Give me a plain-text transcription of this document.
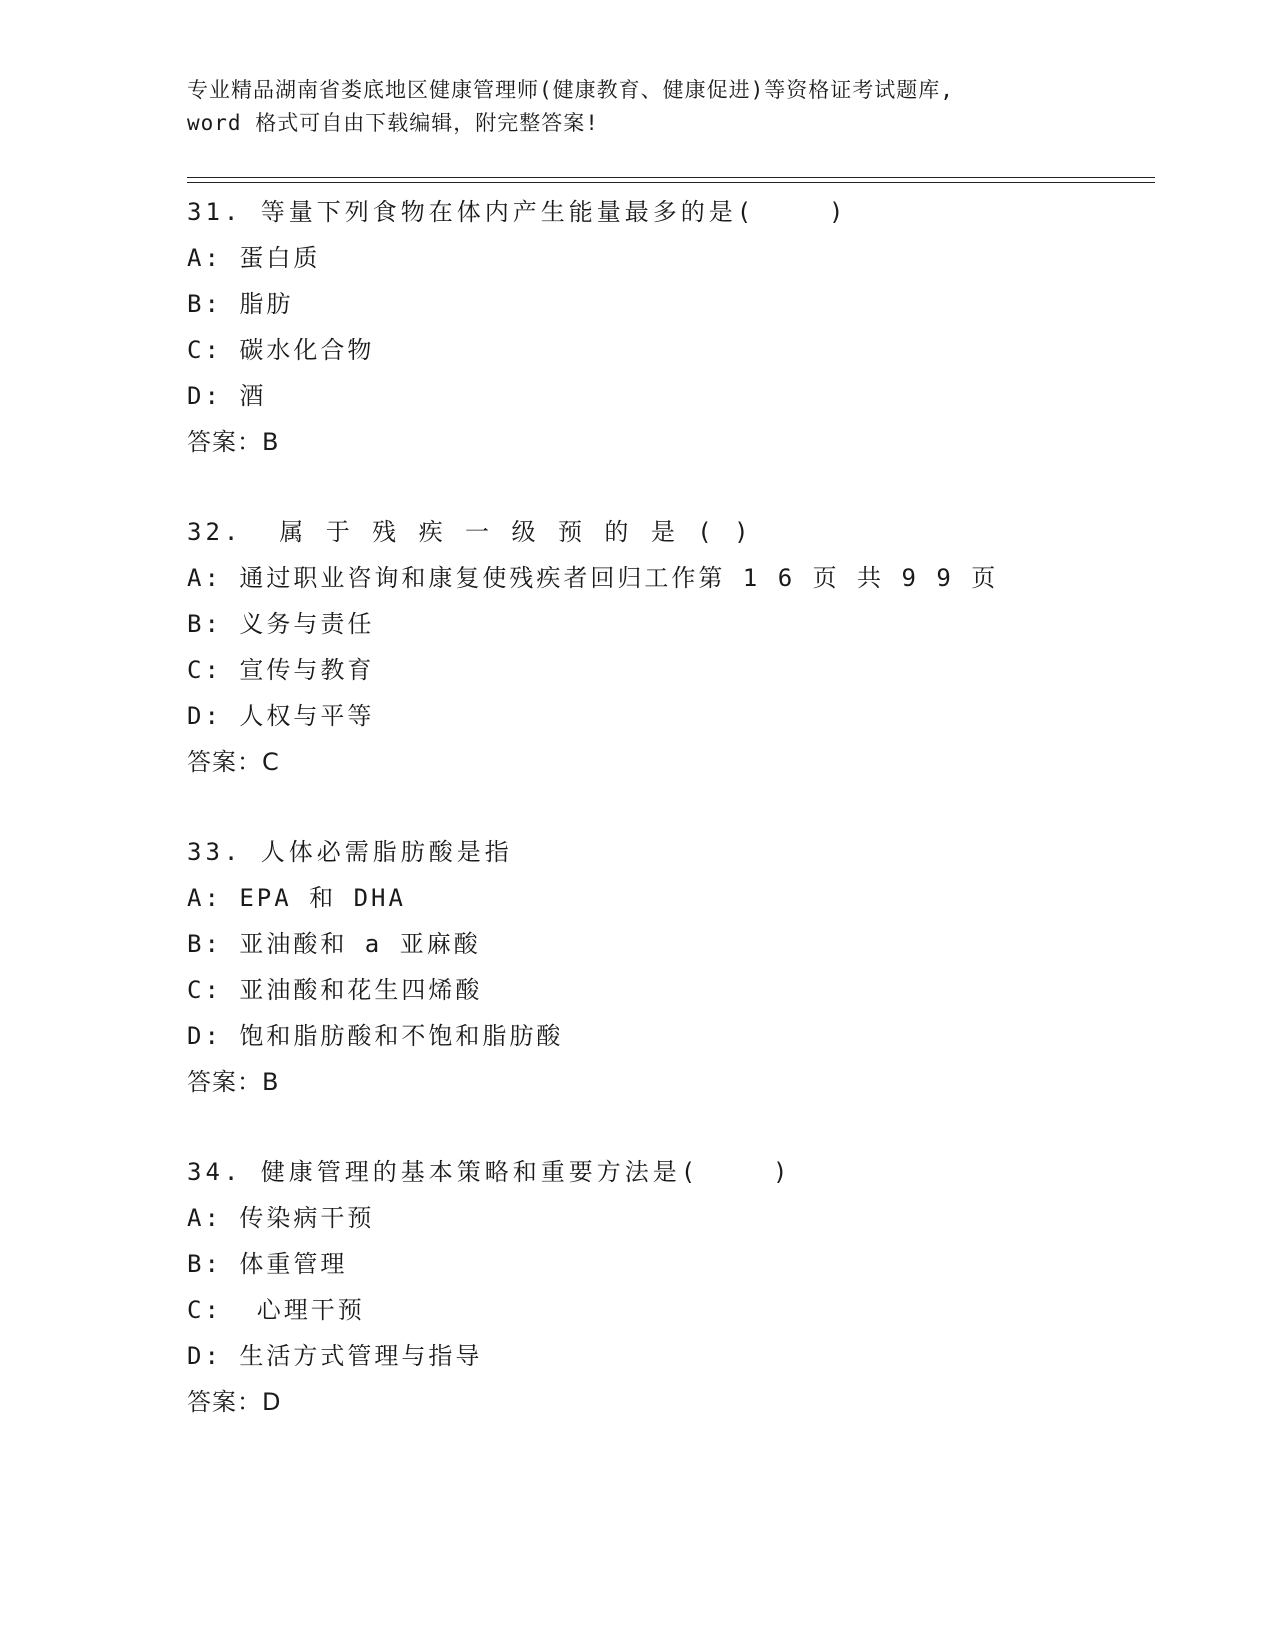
专业精品湖南省娄底地区健康管理师(健康教育、健康促进)等资格证考试题库,
word 格式可自由下载编辑，附完整答案!
31. 等量下列食物在体内产生能量最多的是(    )
A: 蛋白质
B: 脂肪
C: 碳水化合物
D: 酒
答案：B
32.  属 于 残 疾 一 级 预 的 是 ( )
A: 通过职业咨询和康复使残疾者回归工作第 1 6 页 共 9 9 页
B: 义务与责任
C: 宣传与教育
D: 人权与平等
答案：C
33. 人体必需脂肪酸是指
A: EPA 和 DHA
B: 亚油酸和 a 亚麻酸
C: 亚油酸和花生四烯酸
D: 饱和脂肪酸和不饱和脂肪酸
答案：B
34. 健康管理的基本策略和重要方法是(    )
A: 传染病干预
B: 体重管理
C:  心理干预
D: 生活方式管理与指导
答案：D
